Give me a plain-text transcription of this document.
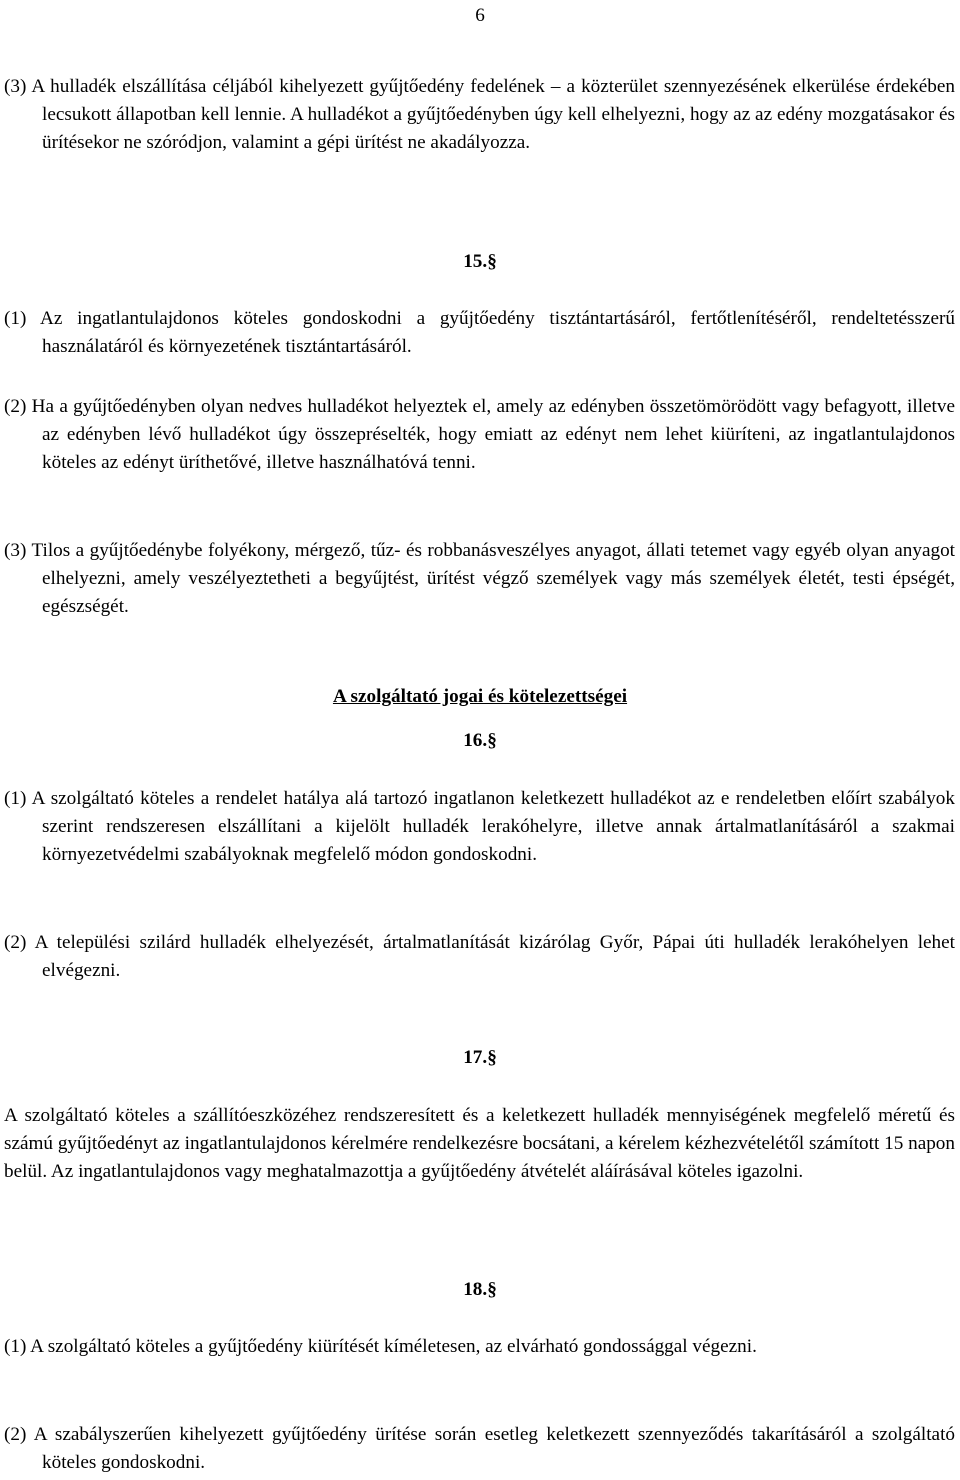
6

(3) A hulladék elszállítása céljából kihelyezett gyűjtőedény fedelének – a közterület szennyezésének elkerülése érdekében lecsukott állapotban kell lennie. A hulladékot a gyűjtőedényben úgy kell elhelyezni, hogy az az edény mozgatásakor és ürítésekor ne szóródjon, valamint a gépi ürítést ne akadályozza.

15.§

(1) Az ingatlantulajdonos köteles gondoskodni a gyűjtőedény tisztántartásáról, fertőtlenítéséről, rendeltetésszerű használatáról és környezetének tisztántartásáról.

(2) Ha a gyűjtőedényben olyan nedves hulladékot helyeztek el, amely az edényben összetömörödött vagy befagyott, illetve az edényben lévő hulladékot úgy összepréselték, hogy emiatt az edényt nem lehet kiüríteni, az ingatlantulajdonos köteles az edényt üríthetővé, illetve használhatóvá tenni.

(3) Tilos a gyűjtőedénybe folyékony, mérgező, tűz- és robbanásveszélyes anyagot, állati tetemet vagy egyéb olyan anyagot elhelyezni, amely veszélyeztetheti a begyűjtést, ürítést végző személyek vagy más személyek életét, testi épségét, egészségét.

A szolgáltató jogai és kötelezettségei
16.§

(1) A szolgáltató köteles a rendelet hatálya alá tartozó ingatlanon keletkezett hulladékot az e rendeletben előírt szabályok szerint rendszeresen elszállítani a kijelölt hulladék lerakóhelyre, illetve annak ártalmatlanításáról a szakmai környezetvédelmi szabályoknak megfelelő módon gondoskodni.

(2) A települési szilárd hulladék elhelyezését, ártalmatlanítását kizárólag Győr, Pápai úti hulladék lerakóhelyen lehet elvégezni.

17.§

A szolgáltató köteles a szállítóeszközéhez rendszeresített és a keletkezett hulladék mennyiségének megfelelő méretű és számú gyűjtőedényt az ingatlantulajdonos kérelmére rendelkezésre bocsátani, a kérelem kézhezvételétől számított 15 napon belül. Az ingatlantulajdonos vagy meghatalmazottja a gyűjtőedény átvételét aláírásával köteles igazolni.

18.§

(1) A szolgáltató köteles a gyűjtőedény kiürítését kíméletesen, az elvárható gondossággal végezni.

(2) A szabályszerűen kihelyezett gyűjtőedény ürítése során esetleg keletkezett szennyeződés takarításáról a szolgáltató köteles gondoskodni.
